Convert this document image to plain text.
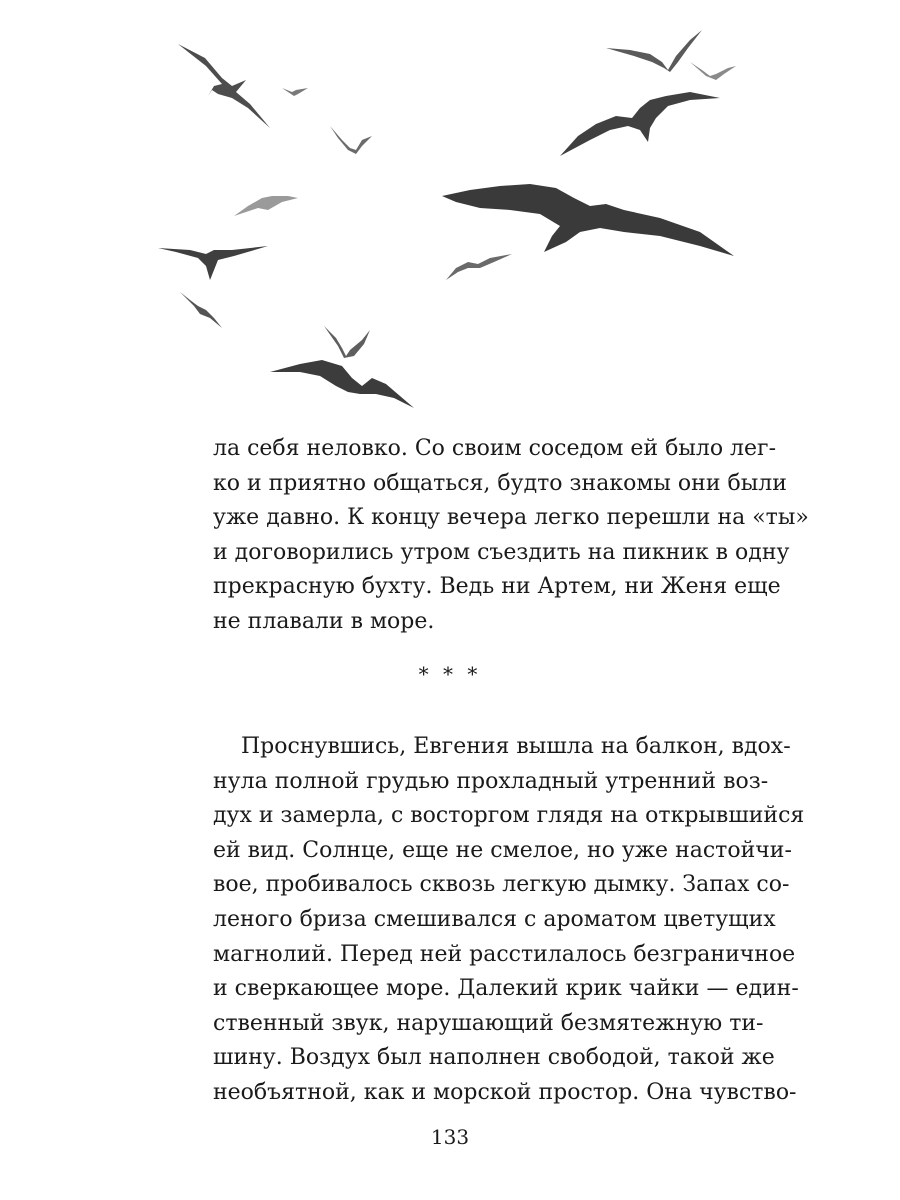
ла себя неловко. Со своим соседом ей было лег-
ко и приятно общаться, будто знакомы они были
уже давно. К концу вечера легко перешли на «ты»
и договорились утром съездить на пикник в одну
прекрасную бухту. Ведь ни Артем, ни Женя еще
не плавали в море.
* * *
Проснувшись, Евгения вышла на балкон, вдох-
нула полной грудью прохладный утренний воз-
дух и замерла, с восторгом глядя на открывшийся
ей вид. Солнце, еще не смелое, но уже настойчи-
вое, пробивалось сквозь легкую дымку. Запах со-
леного бриза смешивался с ароматом цветущих
магнолий. Перед ней расстилалось безграничное
и сверкающее море. Далекий крик чайки — един-
ственный звук, нарушающий безмятежную ти-
шину. Воздух был наполнен свободой, такой же
необъятной, как и морской простор. Она чувство-
133
